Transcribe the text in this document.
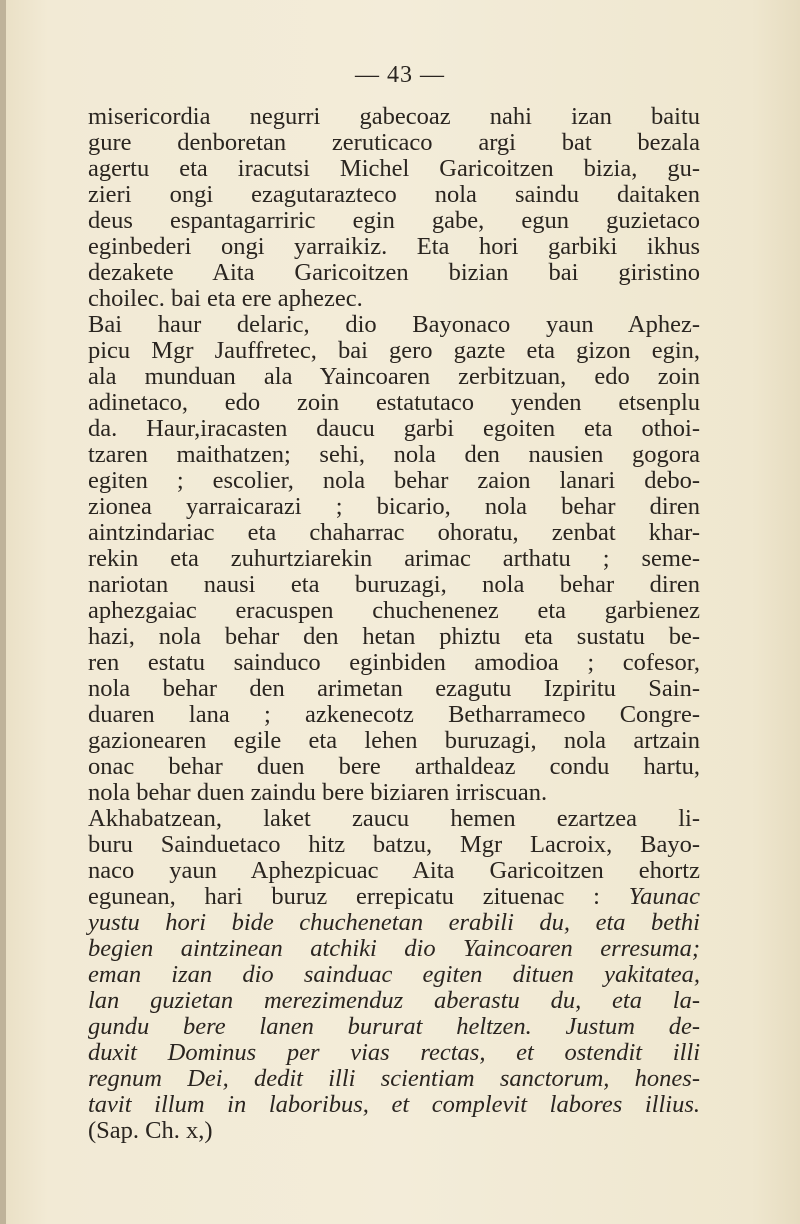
— 43 —
misericordia negurri gabecoaz nahi izan baitu
gure denboretan zeruticaco argi bat bezala
agertu eta iracutsi Michel Garicoitzen bizia, gu-
zieri ongi ezagutarazteco nola saindu daitaken
deus espantagarriric egin gabe, egun guzietaco
eginbederi ongi yarraikiz. Eta hori garbiki ikhus
dezakete Aita Garicoitzen bizian bai giristino
choilec. bai eta ere aphezec.
Bai haur delaric, dio Bayonaco yaun Aphez-
picu Mgr Jauffretec, bai gero gazte eta gizon egin,
ala munduan ala Yaincoaren zerbitzuan, edo zoin
adinetaco, edo zoin estatutaco yenden etsenplu
da. Haur,iracasten daucu garbi egoiten eta othoi-
tzaren maithatzen; sehi, nola den nausien gogora
egiten ; escolier, nola behar zaion lanari debo-
zionea yarraicarazi ; bicario, nola behar diren
aintzindariac eta chaharrac ohoratu, zenbat khar-
rekin eta zuhurtziarekin arimac arthatu ; seme-
nariotan nausi eta buruzagi, nola behar diren
aphezgaiac eracuspen chuchenenez eta garbienez
hazi, nola behar den hetan phiztu eta sustatu be-
ren estatu sainduco eginbiden amodioa ; cofesor,
nola behar den arimetan ezagutu Izpiritu Sain-
duaren lana ; azkenecotz Betharrameco Congre-
gazionearen egile eta lehen buruzagi, nola artzain
onac behar duen bere arthaldeaz condu hartu,
nola behar duen zaindu bere biziaren irriscuan.
Akhabatzean, laket zaucu hemen ezartzea li-
buru Sainduetaco hitz batzu, Mgr Lacroix, Bayo-
naco yaun Aphezpicuac Aita Garicoitzen ehortz
egunean, hari buruz errepicatu zituenac : Yaunac
yustu hori bide chuchenetan erabili du, eta bethi
begien aintzinean atchiki dio Yaincoaren erresuma;
eman izan dio sainduac egiten dituen yakitatea,
lan guzietan merezimenduz aberastu du, eta la-
gundu bere lanen bururat heltzen. Justum de-
duxit Dominus per vias rectas, et ostendit illi
regnum Dei, dedit illi scientiam sanctorum, hones-
tavit illum in laboribus, et complevit labores illius.
(Sap. Ch. x,)
